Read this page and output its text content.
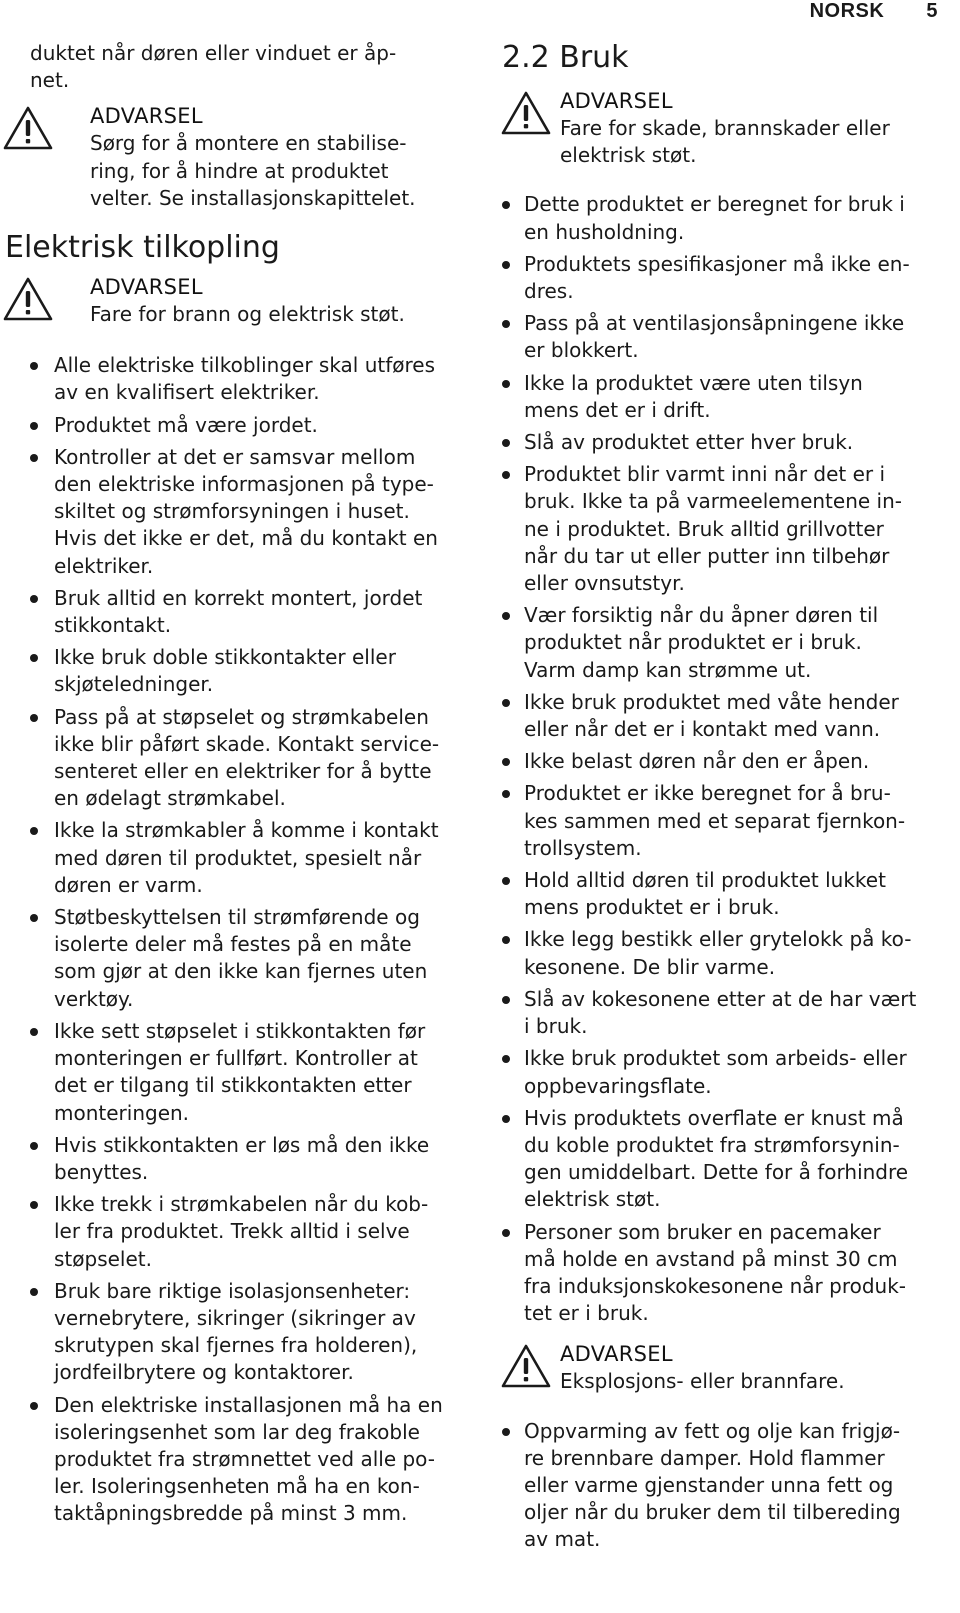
NORSK 5
duktet når døren eller vinduet er åp-
net.
ADVARSEL
Sørg for å montere en stabilise-
ring, for å hindre at produktet
velter. Se installasjonskapittelet.
Elektrisk tilkopling
ADVARSEL
Fare for brann og elektrisk støt.
Alle elektriske tilkoblinger skal utføres
av en kvalifisert elektriker.
Produktet må være jordet.
Kontroller at det er samsvar mellom
den elektriske informasjonen på type-
skiltet og strømforsyningen i huset.
Hvis det ikke er det, må du kontakt en
elektriker.
Bruk alltid en korrekt montert, jordet
stikkontakt.
Ikke bruk doble stikkontakter eller
skjøteledninger.
Pass på at støpselet og strømkabelen
ikke blir påført skade. Kontakt service-
senteret eller en elektriker for å bytte
en ødelagt strømkabel.
Ikke la strømkabler å komme i kontakt
med døren til produktet, spesielt når
døren er varm.
Støtbeskyttelsen til strømførende og
isolerte deler må festes på en måte
som gjør at den ikke kan fjernes uten
verktøy.
Ikke sett støpselet i stikkontakten før
monteringen er fullført. Kontroller at
det er tilgang til stikkontakten etter
monteringen.
Hvis stikkontakten er løs må den ikke
benyttes.
Ikke trekk i strømkabelen når du kob-
ler fra produktet. Trekk alltid i selve
støpselet.
Bruk bare riktige isolasjonsenheter:
vernebrytere, sikringer (sikringer av
skrutypen skal fjernes fra holderen),
jordfeilbrytere og kontaktorer.
Den elektriske installasjonen må ha en
isoleringsenhet som lar deg frakoble
produktet fra strømnettet ved alle po-
ler. Isoleringsenheten må ha en kon-
taktåpningsbredde på minst 3 mm.
2.2 Bruk
ADVARSEL
Fare for skade, brannskader eller
elektrisk støt.
Dette produktet er beregnet for bruk i
en husholdning.
Produktets spesifikasjoner må ikke en-
dres.
Pass på at ventilasjonsåpningene ikke
er blokkert.
Ikke la produktet være uten tilsyn
mens det er i drift.
Slå av produktet etter hver bruk.
Produktet blir varmt inni når det er i
bruk. Ikke ta på varmeelementene in-
ne i produktet. Bruk alltid grillvotter
når du tar ut eller putter inn tilbehør
eller ovnsutstyr.
Vær forsiktig når du åpner døren til
produktet når produktet er i bruk.
Varm damp kan strømme ut.
Ikke bruk produktet med våte hender
eller når det er i kontakt med vann.
Ikke belast døren når den er åpen.
Produktet er ikke beregnet for å bru-
kes sammen med et separat fjernkon-
trollsystem.
Hold alltid døren til produktet lukket
mens produktet er i bruk.
Ikke legg bestikk eller grytelokk på ko-
kesonene. De blir varme.
Slå av kokesonene etter at de har vært
i bruk.
Ikke bruk produktet som arbeids- eller
oppbevaringsflate.
Hvis produktets overflate er knust må
du koble produktet fra strømforsynin-
gen umiddelbart. Dette for å forhindre
elektrisk støt.
Personer som bruker en pacemaker
må holde en avstand på minst 30 cm
fra induksjonskokesonene når produk-
tet er i bruk.
ADVARSEL
Eksplosjons- eller brannfare.
Oppvarming av fett og olje kan frigjø-
re brennbare damper. Hold flammer
eller varme gjenstander unna fett og
oljer når du bruker dem til tilbereding
av mat.
